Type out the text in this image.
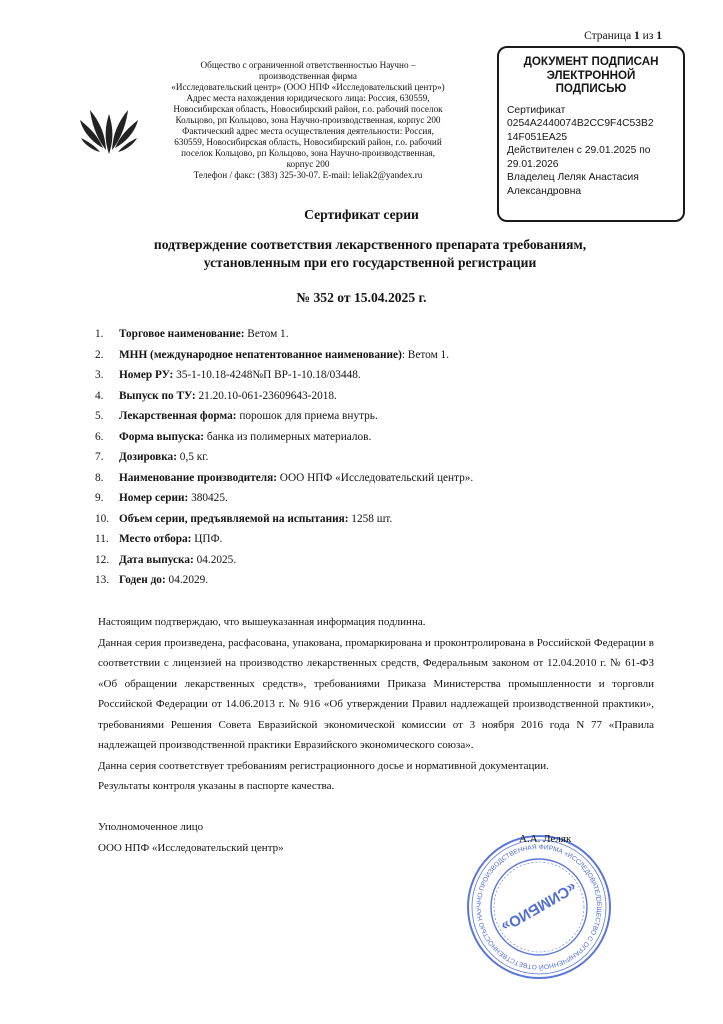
Страница 1 из 1
Общество с ограниченной ответственностью Научно –
производственная фирма
«Исследовательский центр» (ООО НПФ «Исследовательский центр»)
Адрес места нахождения юридического лица: Россия, 630559,
Новосибирская область, Новосибирский район, г.о. рабочий поселок
Кольцово, рп Кольцово, зона Научно-производственная, корпус 200
Фактический адрес места осуществления деятельности: Россия,
630559, Новосибирская область, Новосибирский район, г.о. рабочий
поселок Кольцово, рп Кольцово, зона Научно-производственная,
корпус 200
Телефон / факс: (383) 325-30-07. E-mail: leliak2@yandex.ru
ДОКУМЕНТ ПОДПИСАН
ЭЛЕКТРОННОЙ
ПОДПИСЬЮ
Сертификат
0254A2440074B2CC9F4C53B2
14F051EA25
Действителен с 29.01.2025 по
29.01.2026
Владелец Леляк Анастасия
Александровна
Сертификат серии
подтверждение соответствия лекарственного препарата требованиям,
установленным при его государственной регистрации
№ 352 от 15.04.2025 г.
1.	Торговое наименование: Ветом 1.
2.	МНН (международное непатентованное наименование): Ветом 1.
3.	Номер РУ: 35-1-10.18-4248№П ВР-1-10.18/03448.
4.	Выпуск по ТУ: 21.20.10-061-23609643-2018.
5.	Лекарственная форма: порошок для приема внутрь.
6.	Форма выпуска: банка из полимерных материалов.
7.	Дозировка: 0,5 кг.
8.	Наименование производителя: ООО НПФ «Исследовательский центр».
9.	Номер серии: 380425.
10. Объем серии, предъявляемой на испытания: 1258 шт.
11. Место отбора: ЦПФ.
12. Дата выпуска: 04.2025.
13. Годен до: 04.2029.

Настоящим подтверждаю, что вышеуказанная информация подлинна.

Данная серия произведена, расфасована, упакована, промаркирована и проконтролирована в Российской Федерации в соответствии с лицензией на производство лекарственных средств, Федеральным законом от 12.04.2010 г. № 61-ФЗ «Об обращении лекарственных средств», требованиями Приказа Министерства промышленности и торговли Российской Федерации от 14.06.2013 г. № 916 «Об утверждении Правил надлежащей производственной практики», требованиями Решения Совета Евразийской экономической комиссии от 3 ноября 2016 года N 77 «Правила надлежащей производственной практики Евразийского экономического союза».

Данна серия соответствует требованиям регистрационного досье и нормативной документации.

Результаты контроля указаны в паспорте качества.

Уполномоченное лицо
ООО НПФ «Исследовательский центр»
ОБЩЕСТВО С ОГРАНИЧЕННОЙ ОТВЕТСТВЕННОСТЬЮ НАУЧНО-ПРОИЗВОДСТВЕННАЯ ФИРМА «ИССЛЕДОВАТЕЛЬСКИЙ
«СИМБИО»
А.А. Леляк
